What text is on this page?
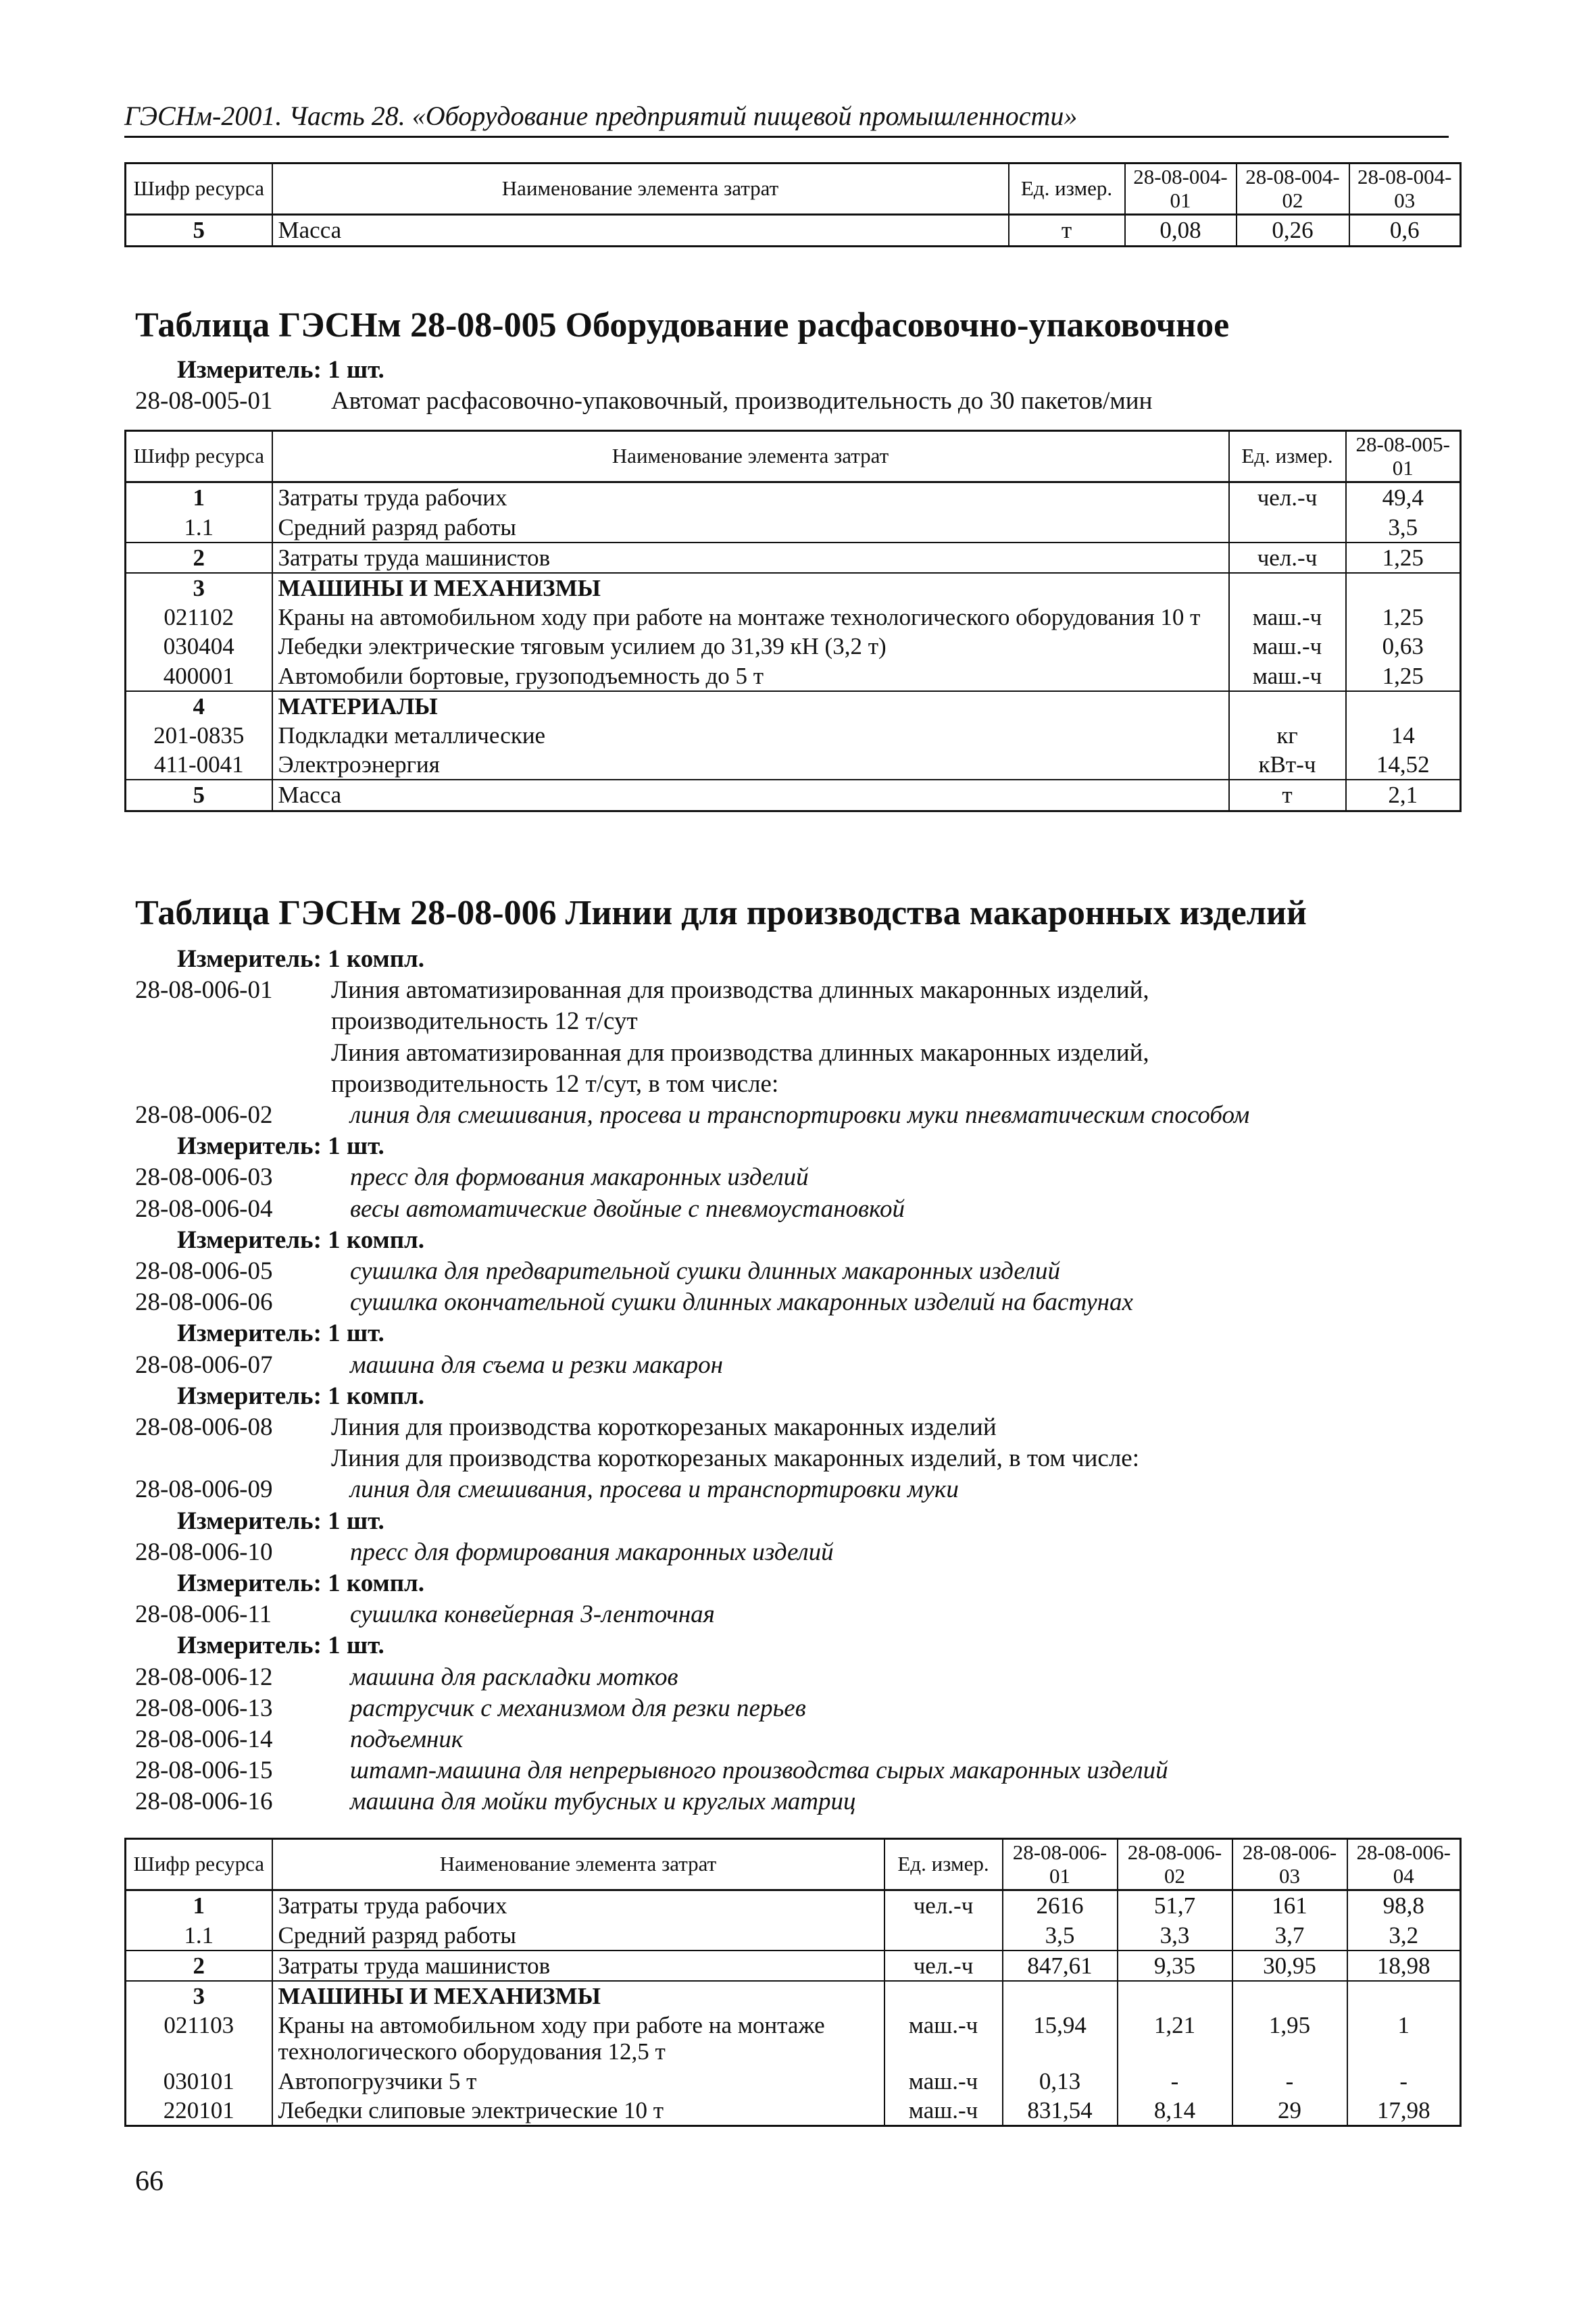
ГЭСНм-2001. Часть 28. «Оборудование предприятий пищевой промышленности»
Шифр ресурса	Наименование элемента затрат	Ед. измер.	28-08-004-01	28-08-004-02	28-08-004-03
5	Масса	т	0,08	0,26	0,6
Таблица ГЭСНм 28-08-005 Оборудование расфасовочно-упаковочное
Измеритель: 1 шт.
28-08-005-01 Автомат расфасовочно-упаковочный, производительность до 30 пакетов/мин
Шифр ресурса	Наименование элемента затрат	Ед. измер.	28-08-005-01
1	Затраты труда рабочих	чел.-ч	49,4
1.1	Средний разряд работы		3,5
2	Затраты труда машинистов	чел.-ч	1,25
3	МАШИНЫ И МЕХАНИЗМЫ		
021102	Краны на автомобильном ходу при работе на монтаже технологического оборудования 10 т	маш.-ч	1,25
030404	Лебедки электрические тяговым усилием до 31,39 кН (3,2 т)	маш.-ч	0,63
400001	Автомобили бортовые, грузоподъемность до 5 т	маш.-ч	1,25
4	МАТЕРИАЛЫ		
201-0835	Подкладки металлические	кг	14
411-0041	Электроэнергия	кВт-ч	14,52
5	Масса	т	2,1
Таблица ГЭСНм 28-08-006 Линии для производства макаронных изделий
Измеритель: 1 компл.
28-08-006-01 Линия автоматизированная для производства длинных макаронных изделий,
производительность 12 т/сут
Линия автоматизированная для производства длинных макаронных изделий,
производительность 12 т/сут, в том числе:
28-08-006-02	линия для смешивания, просева и транспортировки муки пневматическим способом
Измеритель: 1 шт.
28-08-006-03	пресс для формования макаронных изделий
28-08-006-04	весы автоматические двойные с пневмоустановкой
Измеритель: 1 компл.
28-08-006-05	сушилка для предварительной сушки длинных макаронных изделий
28-08-006-06	сушилка окончательной сушки длинных макаронных изделий на бастунах
Измеритель: 1 шт.
28-08-006-07	машина для съема и резки макарон
Измеритель: 1 компл.
28-08-006-08 Линия для производства короткорезаных макаронных изделий
Линия для производства короткорезаных макаронных изделий, в том числе:
28-08-006-09	линия для смешивания, просева и транспортировки муки
Измеритель: 1 шт.
28-08-006-10	пресс для формирования макаронных изделий
Измеритель: 1 компл.
28-08-006-11	сушилка конвейерная 3-ленточная
Измеритель: 1 шт.
28-08-006-12	машина для раскладки мотков
28-08-006-13	раструсчик с механизмом для резки перьев
28-08-006-14	подъемник
28-08-006-15	штамп-машина для непрерывного производства сырых макаронных изделий
28-08-006-16	машина для мойки тубусных и круглых матриц
Шифр ресурса	Наименование элемента затрат	Ед. измер.	28-08-006-01	28-08-006-02	28-08-006-03	28-08-006-04
1	Затраты труда рабочих	чел.-ч	2616	51,7	161	98,8
1.1	Средний разряд работы		3,5	3,3	3,7	3,2
2	Затраты труда машинистов	чел.-ч	847,61	9,35	30,95	18,98
3	МАШИНЫ И МЕХАНИЗМЫ					
021103	Краны на автомобильном ходу при работе на монтаже технологического оборудования 12,5 т	маш.-ч	15,94	1,21	1,95	1
030101	Автопогрузчики 5 т	маш.-ч	0,13	-	-	-
220101	Лебедки слиповые электрические 10 т	маш.-ч	831,54	8,14	29	17,98
66
